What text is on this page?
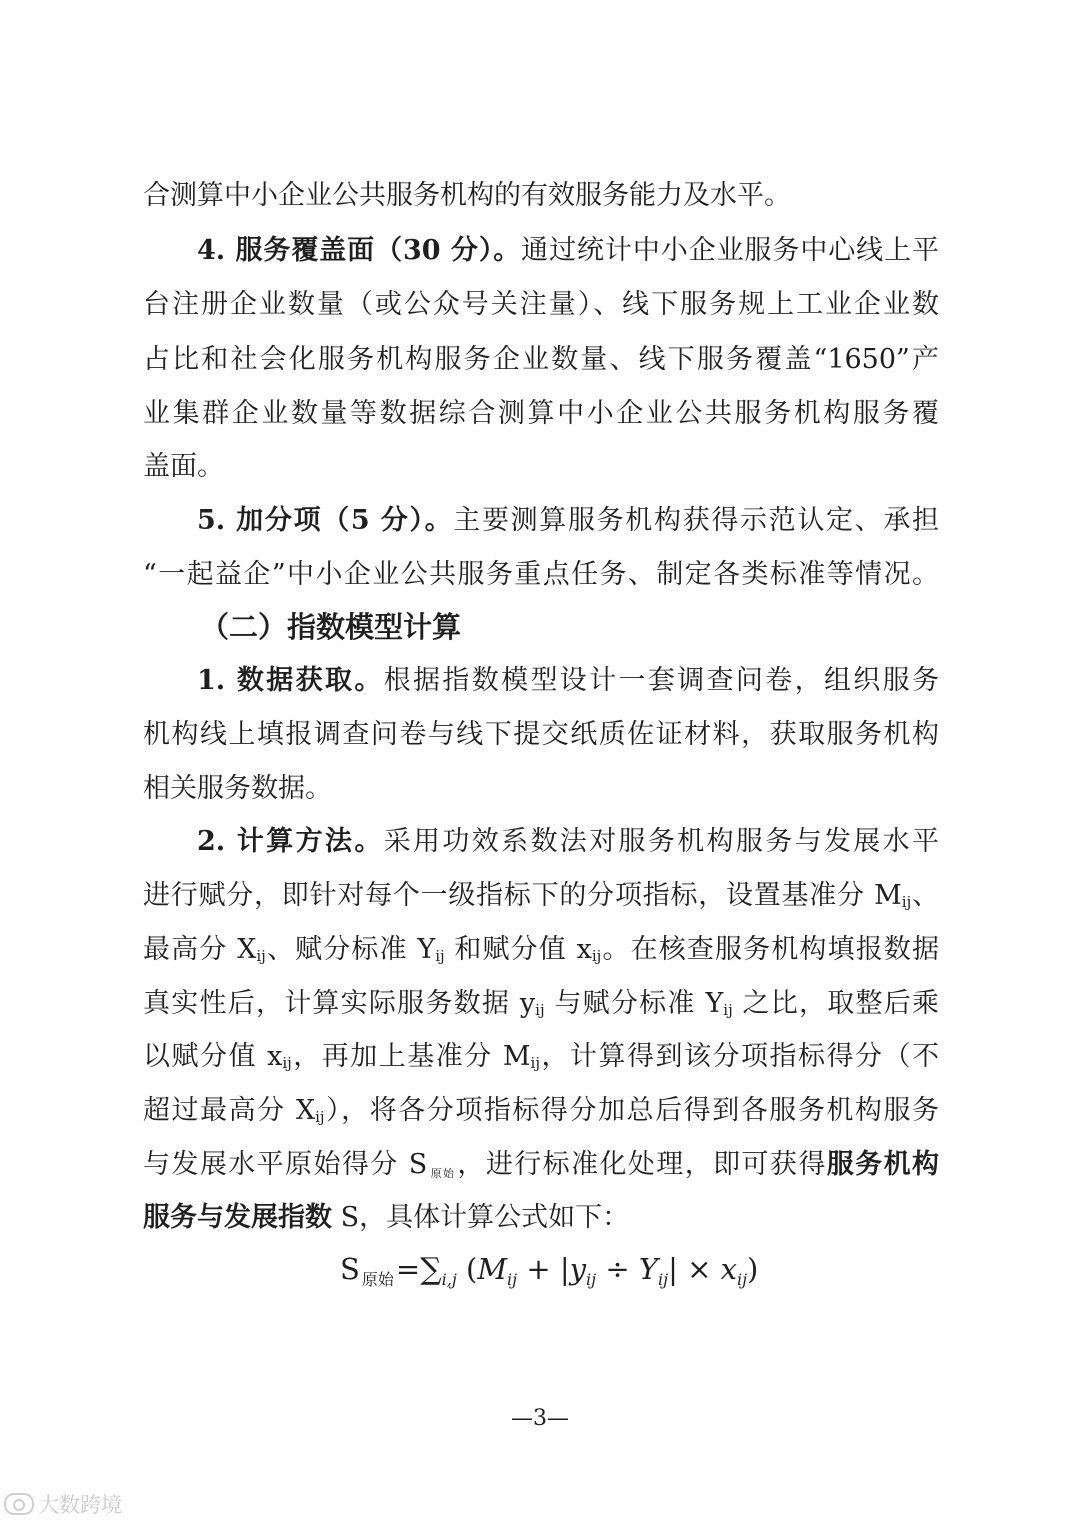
合测算中小企业公共服务机构的有效服务能力及水平。
4. 服务覆盖面（30 分）。通过统计中小企业服务中心线上平
台注册企业数量（或公众号关注量）、线下服务规上工业企业数
占比和社会化服务机构服务企业数量、线下服务覆盖“1650”产
业集群企业数量等数据综合测算中小企业公共服务机构服务覆
盖面。
5. 加分项（5 分）。主要测算服务机构获得示范认定、承担
“一起益企”中小企业公共服务重点任务、制定各类标准等情况。
（二）指数模型计算
1. 数据获取。根据指数模型设计一套调查问卷，组织服务
机构线上填报调查问卷与线下提交纸质佐证材料，获取服务机构
相关服务数据。
2. 计算方法。采用功效系数法对服务机构服务与发展水平
进行赋分，即针对每个一级指标下的分项指标，设置基准分 $M_{ij}$、
最高分 $X_{ij}$、赋分标准 $Y_{ij}$ 和赋分值 $x_{ij}$。在核查服务机构填报数据
真实性后，计算实际服务数据 $y_{ij}$ 与赋分标准 $Y_{ij}$ 之比，取整后乘
以赋分值 $x_{ij}$，再加上基准分 $M_{ij}$，计算得到该分项指标得分（不
超过最高分 $X_{ij}$），将各分项指标得分加总后得到各服务机构服务
与发展水平原始得分 S $_{原始}$，进行标准化处理，即可获得服务机构
服务与发展指数 S，具体计算公式如下：
S $_{原始}=\sum_{i,j}$ $(M_{ij} + |y_{ij} \div Y_{ij}| \times x_{ij})$
—3—
大数跨境
